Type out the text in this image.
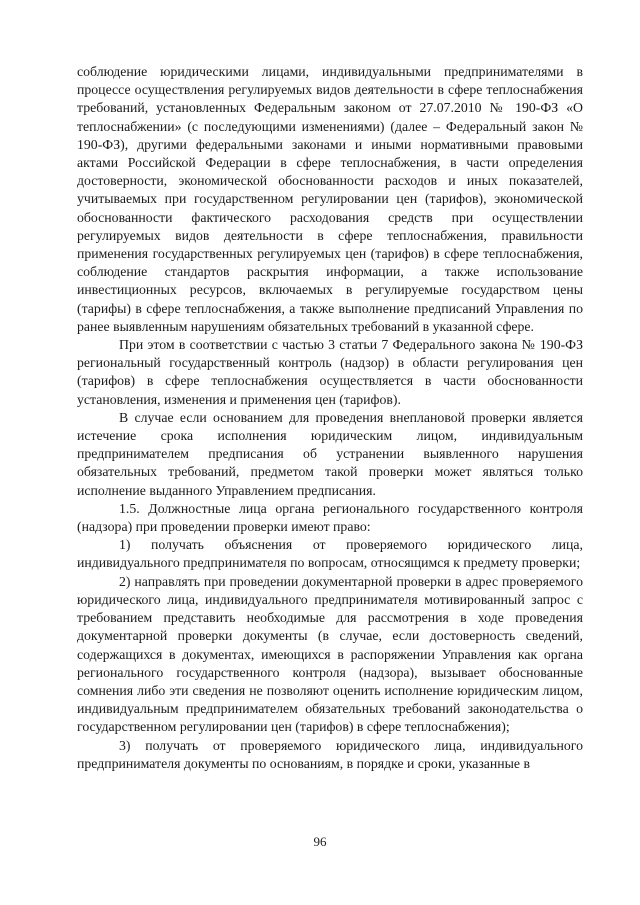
соблюдение юридическими лицами, индивидуальными предпринимателями в процессе осуществления регулируемых видов деятельности в сфере теплоснабжения требований, установленных Федеральным законом от 27.07.2010 № 190-ФЗ «О теплоснабжении» (с последующими изменениями) (далее – Федеральный закон № 190-ФЗ), другими федеральными законами и иными нормативными правовыми актами Российской Федерации в сфере теплоснабжения, в части определения достоверности, экономической обоснованности расходов и иных показателей, учитываемых при государственном регулировании цен (тарифов), экономической обоснованности фактического расходования средств при осуществлении регулируемых видов деятельности в сфере теплоснабжения, правильности применения государственных регулируемых цен (тарифов) в сфере теплоснабжения, соблюдение стандартов раскрытия информации, а также использование инвестиционных ресурсов, включаемых в регулируемые государством цены (тарифы) в сфере теплоснабжения, а также выполнение предписаний Управления по ранее выявленным нарушениям обязательных требований в указанной сфере.

При этом в соответствии с частью 3 статьи 7 Федерального закона № 190-ФЗ региональный государственный контроль (надзор) в области регулирования цен (тарифов) в сфере теплоснабжения осуществляется в части обоснованности установления, изменения и применения цен (тарифов).

В случае если основанием для проведения внеплановой проверки является истечение срока исполнения юридическим лицом, индивидуальным предпринимателем предписания об устранении выявленного нарушения обязательных требований, предметом такой проверки может являться только исполнение выданного Управлением предписания.

1.5. Должностные лица органа регионального государственного контроля (надзора) при проведении проверки имеют право:

1) получать объяснения от проверяемого юридического лица, индивидуального предпринимателя по вопросам, относящимся к предмету проверки;

2) направлять при проведении документарной проверки в адрес проверяемого юридического лица, индивидуального предпринимателя мотивированный запрос с требованием представить необходимые для рассмотрения в ходе проведения документарной проверки документы (в случае, если достоверность сведений, содержащихся в документах, имеющихся в распоряжении Управления как органа регионального государственного контроля (надзора), вызывает обоснованные сомнения либо эти сведения не позволяют оценить исполнение юридическим лицом, индивидуальным предпринимателем обязательных требований законодательства о государственном регулировании цен (тарифов) в сфере теплоснабжения);

3) получать от проверяемого юридического лица, индивидуального предпринимателя документы по основаниям, в порядке и сроки, указанные в

96
